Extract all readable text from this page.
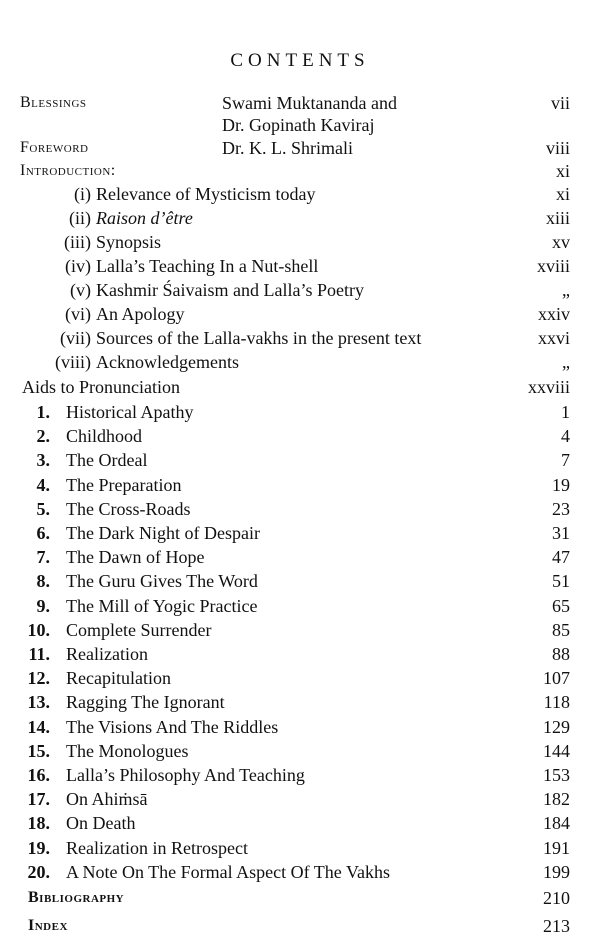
CONTENTS
Blessings	Swami Muktananda and	vii
Dr. Gopinath Kaviraj
Foreword	Dr. K. L. Shrimali	viii
Introduction:	xi
(i) Relevance of Mysticism today	xi
(ii) Raison d’être	xiii
(iii) Synopsis	xv
(iv) Lalla’s Teaching In a Nut-shell	xviii
(v) Kashmir Śaivaism and Lalla’s Poetry	„
(vi) An Apology	xxiv
(vii) Sources of the Lalla-vakhs in the present text	xxvi
(viii) Acknowledgements	„
Aids to Pronunciation	xxviii
1. Historical Apathy	1
2. Childhood	4
3. The Ordeal	7
4. The Preparation	19
5. The Cross-Roads	23
6. The Dark Night of Despair	31
7. The Dawn of Hope	47
8. The Guru Gives The Word	51
9. The Mill of Yogic Practice	65
10. Complete Surrender	85
11. Realization	88
12. Recapitulation	107
13. Ragging The Ignorant	118
14. The Visions And The Riddles	129
15. The Monologues	144
16. Lalla’s Philosophy And Teaching	153
17. On Ahiṁsā	182
18. On Death	184
19. Realization in Retrospect	191
20. A Note On The Formal Aspect Of The Vakhs	199
Bibliography	210
Index	213
